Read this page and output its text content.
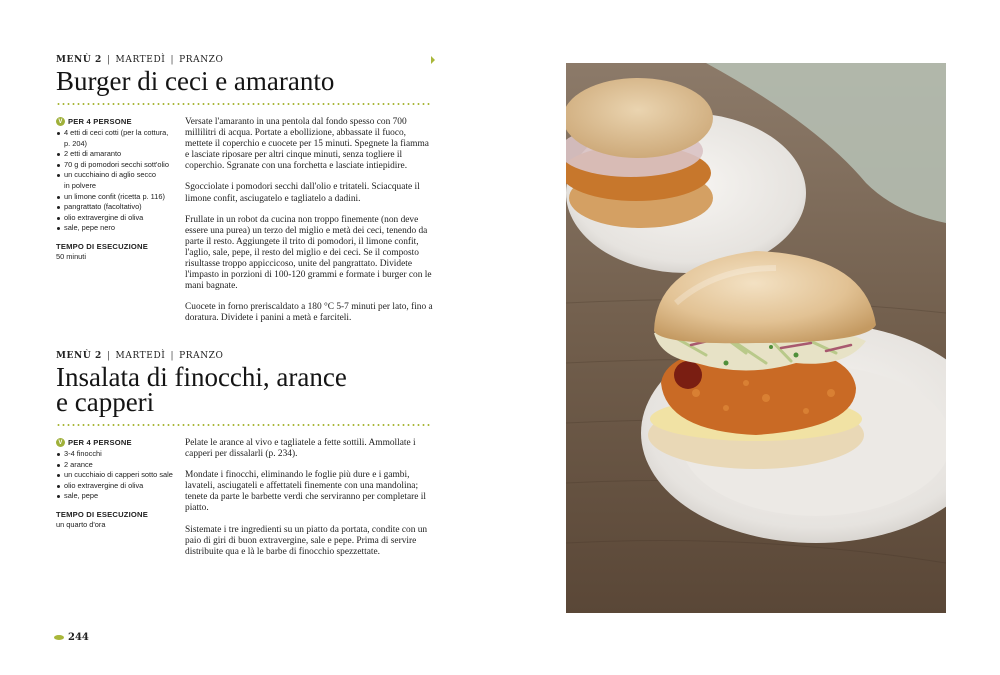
MENÙ 2 | MARTEDÌ | PRANZO
Burger di ceci e amaranto
V PER 4 PERSONE
4 etti di ceci cotti (per la cottura,
p. 204)
2 etti di amaranto
70 g di pomodori secchi sott'olio
un cucchiaino di aglio secco
in polvere
un limone confit (ricetta p. 116)
pangrattato (facoltativo)
olio extravergine di oliva
sale, pepe nero
TEMPO DI ESECUZIONE
50 minuti

Versate l'amaranto in una pentola dal fondo spesso con 700 millilitri di acqua. Portate a ebollizione, abbassate il fuoco, mettete il coperchio e cuocete per 15 minuti. Spegnete la fiamma e lasciate riposare per altri cinque minuti, senza togliere il coperchio. Sgranate con una forchetta e lasciate intiepidire.

Sgocciolate i pomodori secchi dall'olio e tritateli. Sciacquate il limone confit, asciugatelo e tagliatelo a dadini.

Frullate in un robot da cucina non troppo finemente (non deve essere una purea) un terzo del miglio e metà dei ceci, tenendo da parte il resto. Aggiungete il trito di pomodori, il limone confit, l'aglio, sale, pepe, il resto del miglio e dei ceci. Se il composto risultasse troppo appiccicoso, unite del pangrattato. Dividete l'impasto in porzioni di 100-120 grammi e formate i burger con le mani bagnate.

Cuocete in forno preriscaldato a 180 °C 5-7 minuti per lato, fino a doratura. Dividete i panini a metà e farciteli.

MENÙ 2 | MARTEDÌ | PRANZO
Insalata di finocchi, arance
e capperi
V PER 4 PERSONE
3-4 finocchi
2 arance
un cucchiaio di capperi sotto sale
olio extravergine di oliva
sale, pepe
TEMPO DI ESECUZIONE
un quarto d'ora

Pelate le arance al vivo e tagliatele a fette sottili. Ammollate i capperi per dissalarli (p. 234).

Mondate i finocchi, eliminando le foglie più dure e i gambi, lavateli, asciugateli e affettateli finemente con una mandolina; tenete da parte le barbette verdi che serviranno per completare il piatto.

Sistemate i tre ingredienti su un piatto da portata, condite con un paio di giri di buon extravergine, sale e pepe. Prima di servire distribuite qua e là le barbe di finocchio spezzettate.

244
